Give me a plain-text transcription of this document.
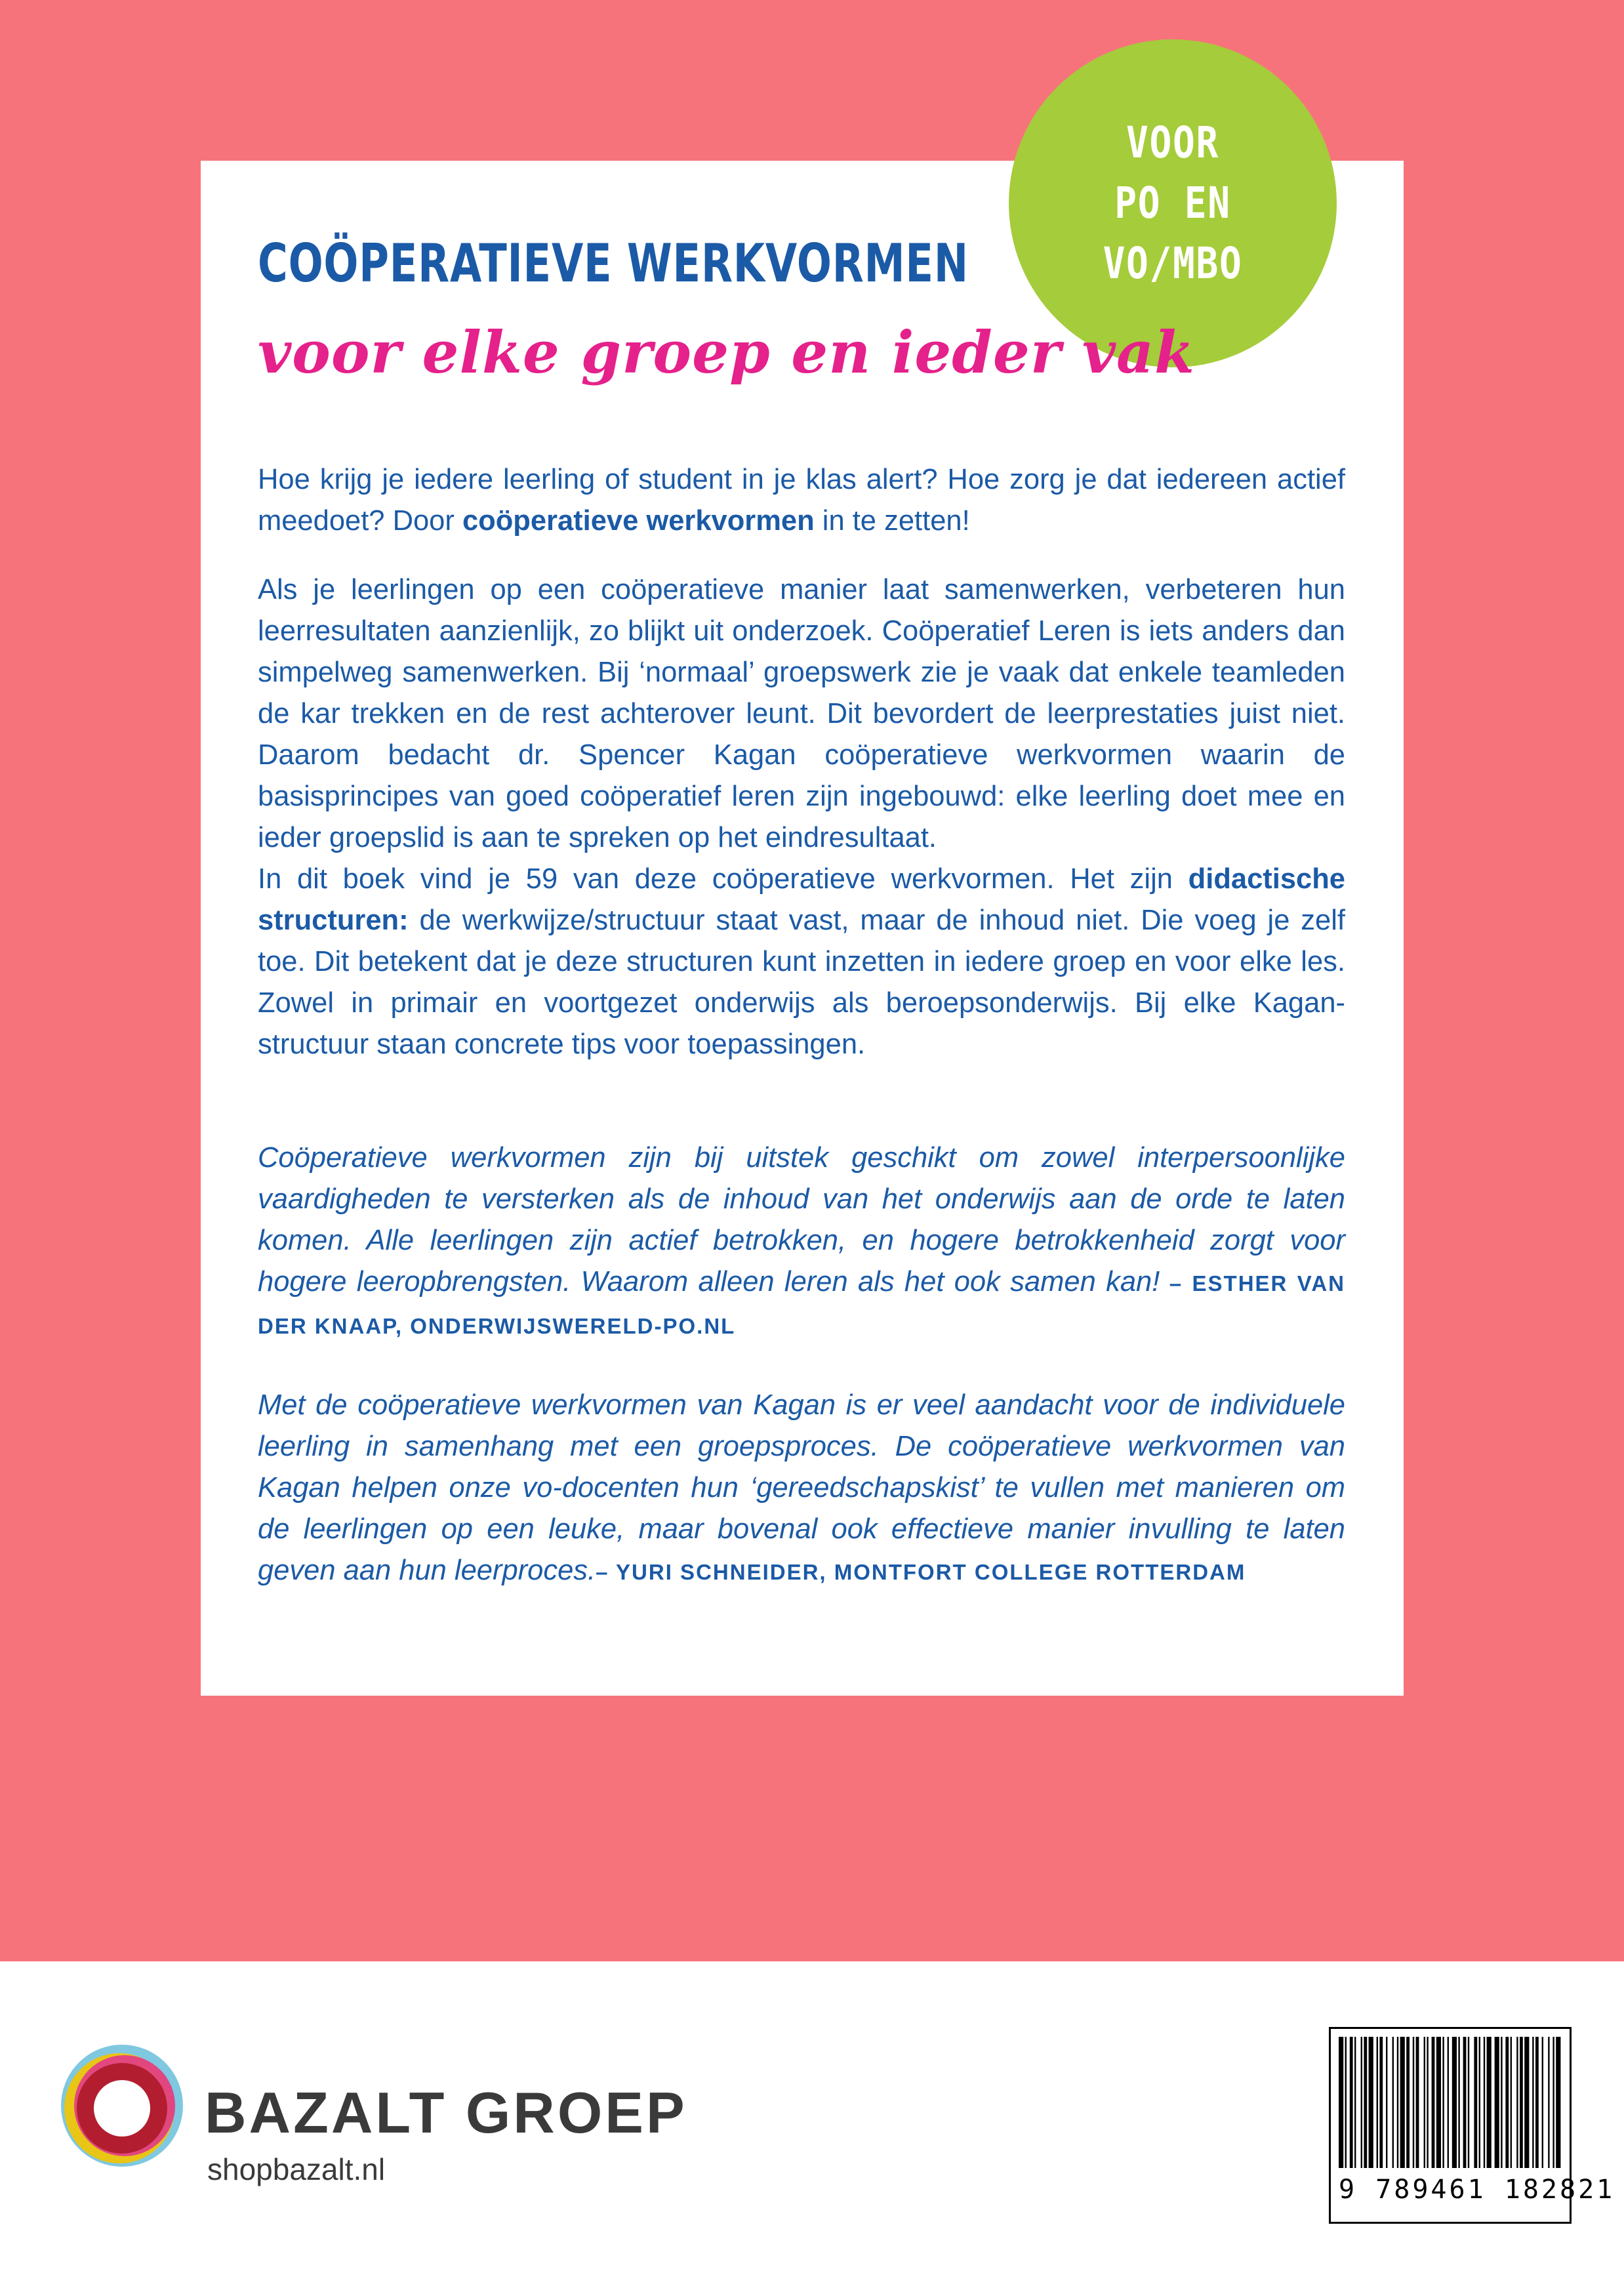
VOOR
PO EN
VO/MBO
COÖPERATIEVE WERKVORMEN
voor elke groep en ieder vak

Hoe krijg je iedere leerling of student in je klas alert? Hoe zorg je dat iedereen actief meedoet? Door coöperatieve werkvormen in te zetten!

Als je leerlingen op een coöperatieve manier laat samenwerken, verbeteren hun leerresultaten aanzienlijk, zo blijkt uit onderzoek. Coöperatief Leren is iets anders dan simpelweg samenwerken. Bij ‘normaal’ groepswerk zie je vaak dat enkele teamleden de kar trekken en de rest achterover leunt. Dit bevordert de leerprestaties juist niet. Daarom bedacht dr. Spencer Kagan coöperatieve werkvormen waarin de basisprincipes van goed coöperatief leren zijn ingebouwd: elke leerling doet mee en ieder groepslid is aan te spreken op het eindresultaat.

In dit boek vind je 59 van deze coöperatieve werkvormen. Het zijn didactische structuren: de werkwijze/structuur staat vast, maar de inhoud niet. Die voeg je zelf toe. Dit betekent dat je deze structuren kunt inzetten in iedere groep en voor elke les. Zowel in primair en voortgezet onderwijs als beroepsonderwijs. Bij elke Kagan-structuur staan concrete tips voor toepassingen.

Coöperatieve werkvormen zijn bij uitstek geschikt om zowel interpersoonlijke vaardigheden te versterken als de inhoud van het onderwijs aan de orde te laten komen. Alle leerlingen zijn actief betrokken, en hogere betrokkenheid zorgt voor hogere leeropbrengsten. Waarom alleen leren als het ook samen kan! – ESTHER VAN DER KNAAP, ONDERWIJSWERELD-PO.NL

Met de coöperatieve werkvormen van Kagan is er veel aandacht voor de individuele leerling in samenhang met een groepsproces. De coöperatieve werkvormen van Kagan helpen onze vo-docenten hun ‘gereedschapskist’ te vullen met manieren om de leerlingen op een leuke, maar bovenal ook effectieve manier invulling te laten geven aan hun leerproces.– YURI SCHNEIDER, MONTFORT COLLEGE ROTTERDAM

BAZALT GROEP
shopbazalt.nl
9 789461 182821
